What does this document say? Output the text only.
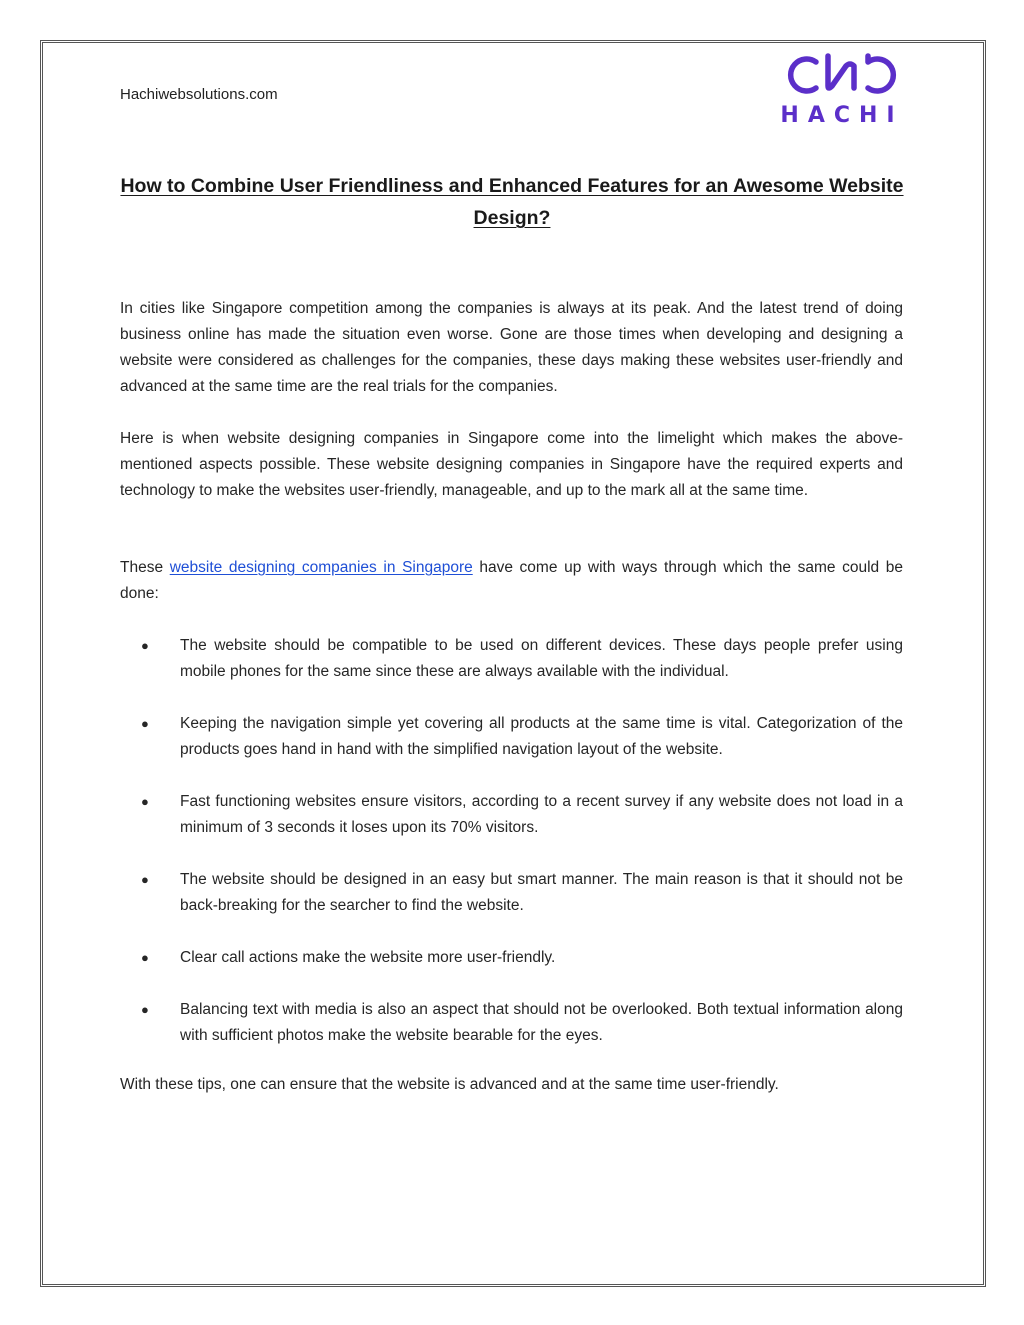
Hachiwebsolutions.com
HACHI
How to Combine User Friendliness and Enhanced Features for an Awesome Website Design?
In cities like Singapore competition among the companies is always at its peak. And the latest trend of doing business online has made the situation even worse. Gone are those times when developing and designing a website were considered as challenges for the companies, these days making these websites user-friendly and advanced at the same time are the real trials for the companies.
Here is when website designing companies in Singapore come into the limelight which makes the above-mentioned aspects possible. These website designing companies in Singapore have the required experts and technology to make the websites user-friendly, manageable, and up to the mark all at the same time.
These website designing companies in Singapore have come up with ways through which the same could be done:
● The website should be compatible to be used on different devices. These days people prefer using mobile phones for the same since these are always available with the individual.
● Keeping the navigation simple yet covering all products at the same time is vital. Categorization of the products goes hand in hand with the simplified navigation layout of the website.
● Fast functioning websites ensure visitors, according to a recent survey if any website does not load in a minimum of 3 seconds it loses upon its 70% visitors.
● The website should be designed in an easy but smart manner. The main reason is that it should not be back-breaking for the searcher to find the website.
● Clear call actions make the website more user-friendly.
● Balancing text with media is also an aspect that should not be overlooked. Both textual information along with sufficient photos make the website bearable for the eyes.
With these tips, one can ensure that the website is advanced and at the same time user-friendly.
